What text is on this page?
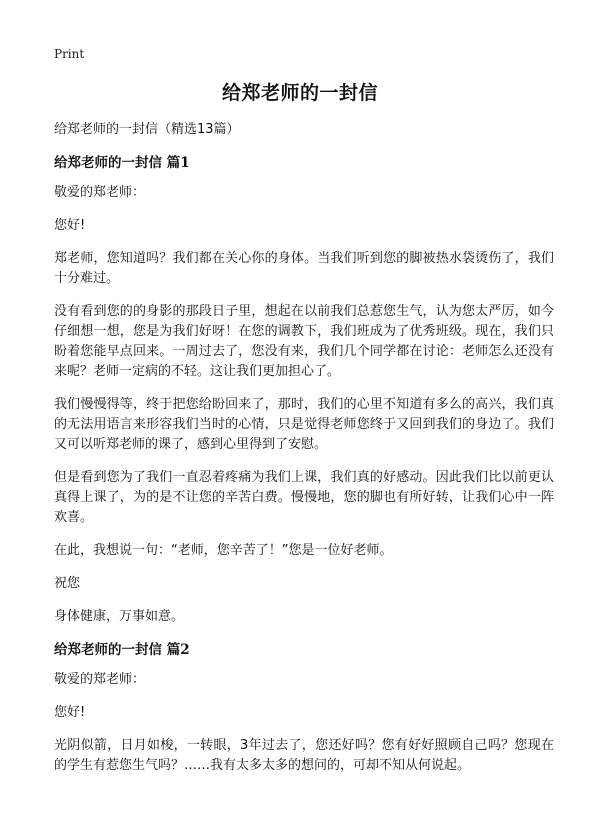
Print
给郑老师的一封信

给郑老师的一封信（精选13篇）

给郑老师的一封信 篇1

敬爱的郑老师：

您好!

郑老师，您知道吗？我们都在关心你的身体。当我们听到您的脚被热水袋烫伤了，我们十分难过。

没有看到您的的身影的那段日子里，想起在以前我们总惹您生气，认为您太严厉，如今仔细想一想，您是为我们好呀！在您的调教下，我们班成为了优秀班级。现在，我们只盼着您能早点回来。一周过去了，您没有来，我们几个同学都在讨论：老师怎么还没有来呢？老师一定病的不轻。这让我们更加担心了。

我们慢慢得等，终于把您给盼回来了，那时，我们的心里不知道有多么的高兴，我们真的无法用语言来形容我们当时的心情，只是觉得老师您终于又回到我们的身边了。我们又可以听郑老师的课了，感到心里得到了安慰。

但是看到您为了我们一直忍着疼痛为我们上课，我们真的好感动。因此我们比以前更认真得上课了，为的是不让您的辛苦白费。慢慢地，您的脚也有所好转，让我们心中一阵欢喜。

在此，我想说一句：“老师，您辛苦了！”您是一位好老师。

祝您

身体健康，万事如意。

给郑老师的一封信 篇2

敬爱的郑老师：

您好!

光阴似箭，日月如梭，一转眼，3年过去了，您还好吗？您有好好照顾自己吗？您现在的学生有惹您生气吗？……我有太多太多的想问的，可却不知从何说起。
